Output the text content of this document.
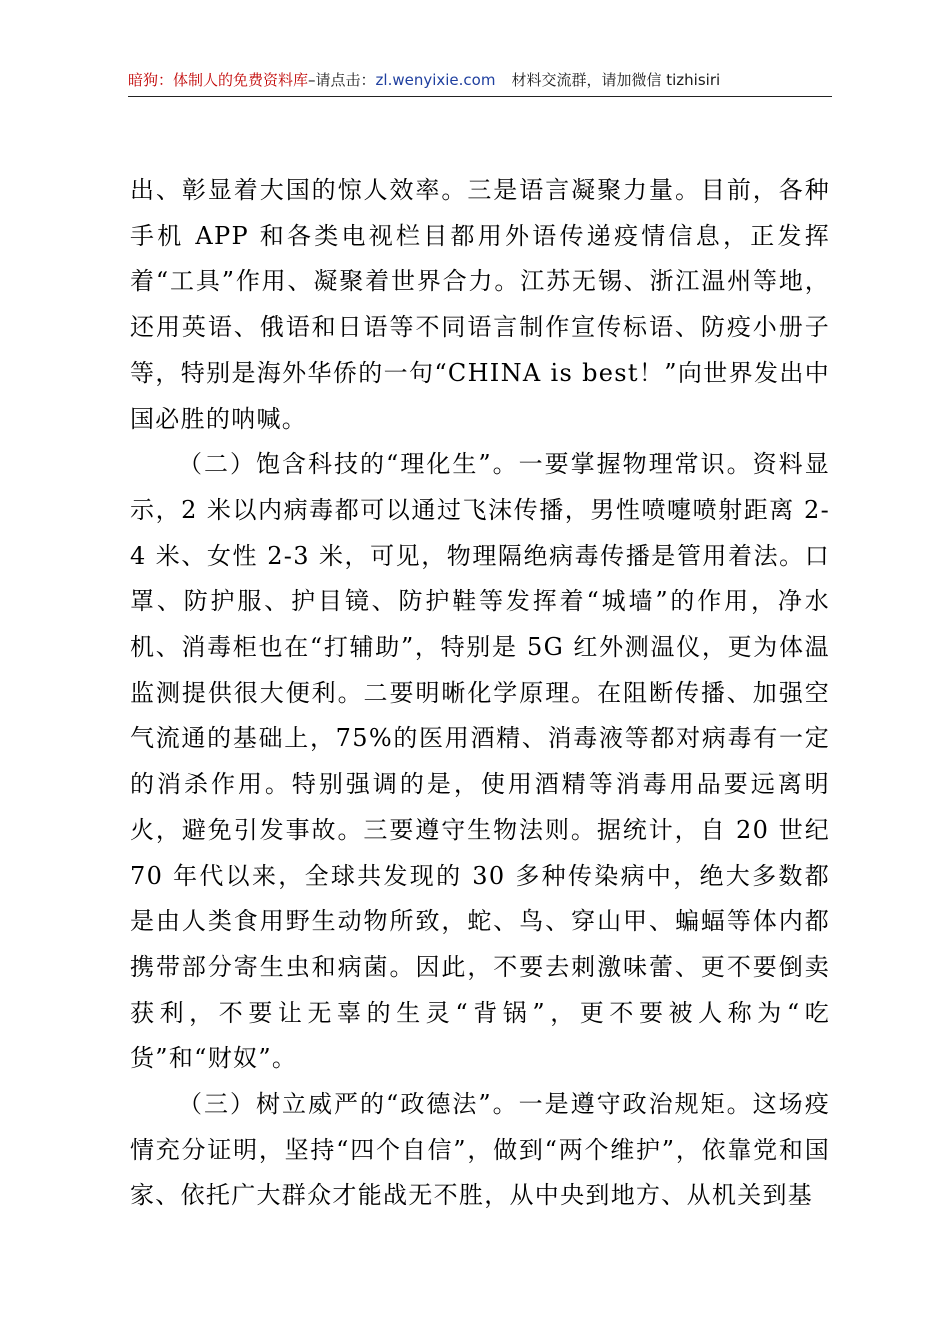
暗狗：体制人的免费资料库–请点击：zl.wenyixie.com 材料交流群，请加微信 tizhisiri

出、彰显着大国的惊人效率。三是语言凝聚力量。目前，各种手机 APP 和各类电视栏目都用外语传递疫情信息，正发挥着“工具”作用、凝聚着世界合力。江苏无锡、浙江温州等地，还用英语、俄语和日语等不同语言制作宣传标语、防疫小册子等，特别是海外华侨的一句“CHINA is best！”向世界发出中国必胜的呐喊。

（二）饱含科技的“理化生”。一要掌握物理常识。资料显示，2 米以内病毒都可以通过飞沫传播，男性喷嚏喷射距离 2-4 米、女性 2-3 米，可见，物理隔绝病毒传播是管用着法。口罩、防护服、护目镜、防护鞋等发挥着“城墙”的作用，净水机、消毒柜也在“打辅助”，特别是 5G 红外测温仪，更为体温监测提供很大便利。二要明晰化学原理。在阻断传播、加强空气流通的基础上，75%的医用酒精、消毒液等都对病毒有一定的消杀作用。特别强调的是，使用酒精等消毒用品要远离明火，避免引发事故。三要遵守生物法则。据统计，自 20 世纪 70 年代以来，全球共发现的 30 多种传染病中，绝大多数都是由人类食用野生动物所致，蛇、鸟、穿山甲、蝙蝠等体内都携带部分寄生虫和病菌。因此，不要去刺激味蕾、更不要倒卖获利，不要让无辜的生灵“背锅”，更不要被人称为“吃货”和“财奴”。

（三）树立威严的“政德法”。一是遵守政治规矩。这场疫情充分证明，坚持“四个自信”，做到“两个维护”，依靠党和国家、依托广大群众才能战无不胜，从中央到地方、从机关到基
